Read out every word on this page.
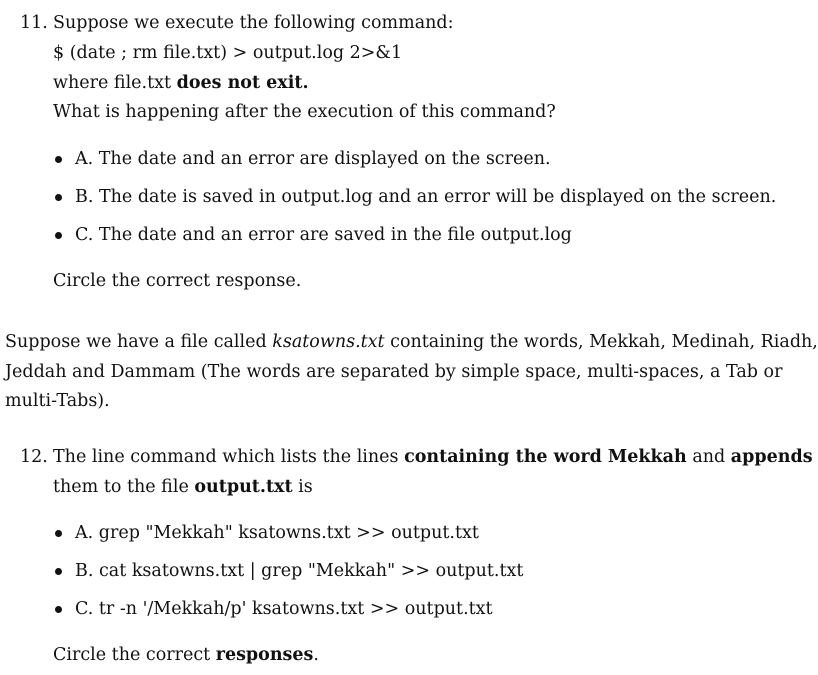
11. Suppose we execute the following command:
$ (date ; rm file.txt) > output.log 2>&1
where file.txt does not exit.
What is happening after the execution of this command?
A. The date and an error are displayed on the screen.
B. The date is saved in output.log and an error will be displayed on the screen.
C. The date and an error are saved in the file output.log
Circle the correct response.
Suppose we have a file called ksatowns.txt containing the words, Mekkah, Medinah, Riadh,
Jeddah and Dammam (The words are separated by simple space, multi-spaces, a Tab or
multi-Tabs).
12. The line command which lists the lines containing the word Mekkah and appends
them to the file output.txt is
A. grep "Mekkah" ksatowns.txt >> output.txt
B. cat ksatowns.txt | grep "Mekkah" >> output.txt
C. tr -n '/Mekkah/p' ksatowns.txt >> output.txt
Circle the correct responses.
